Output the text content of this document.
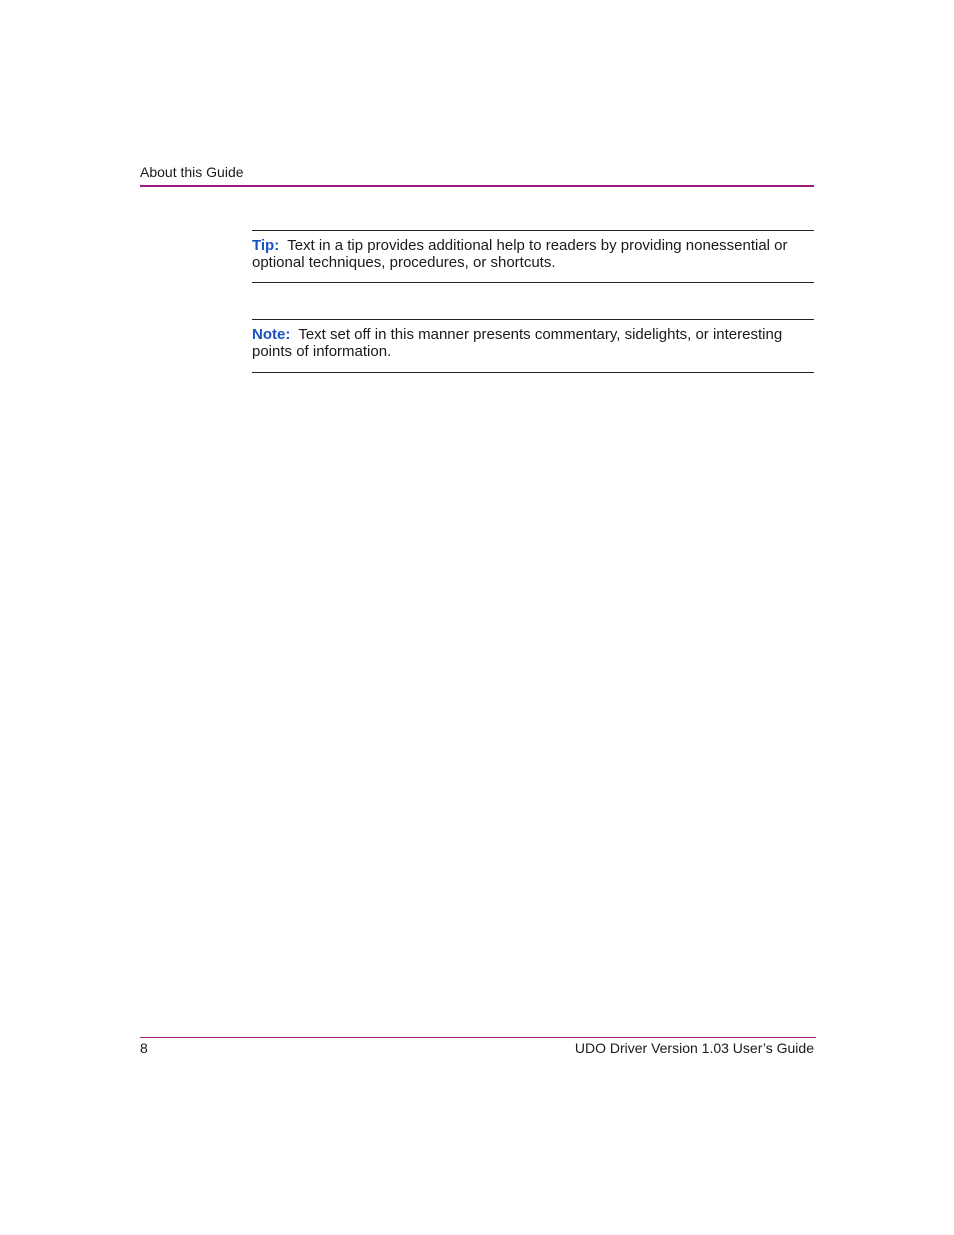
About this Guide
Tip: Text in a tip provides additional help to readers by providing nonessential or optional techniques, procedures, or shortcuts.
Note: Text set off in this manner presents commentary, sidelights, or interesting points of information.
8	UDO Driver Version 1.03 User’s Guide
